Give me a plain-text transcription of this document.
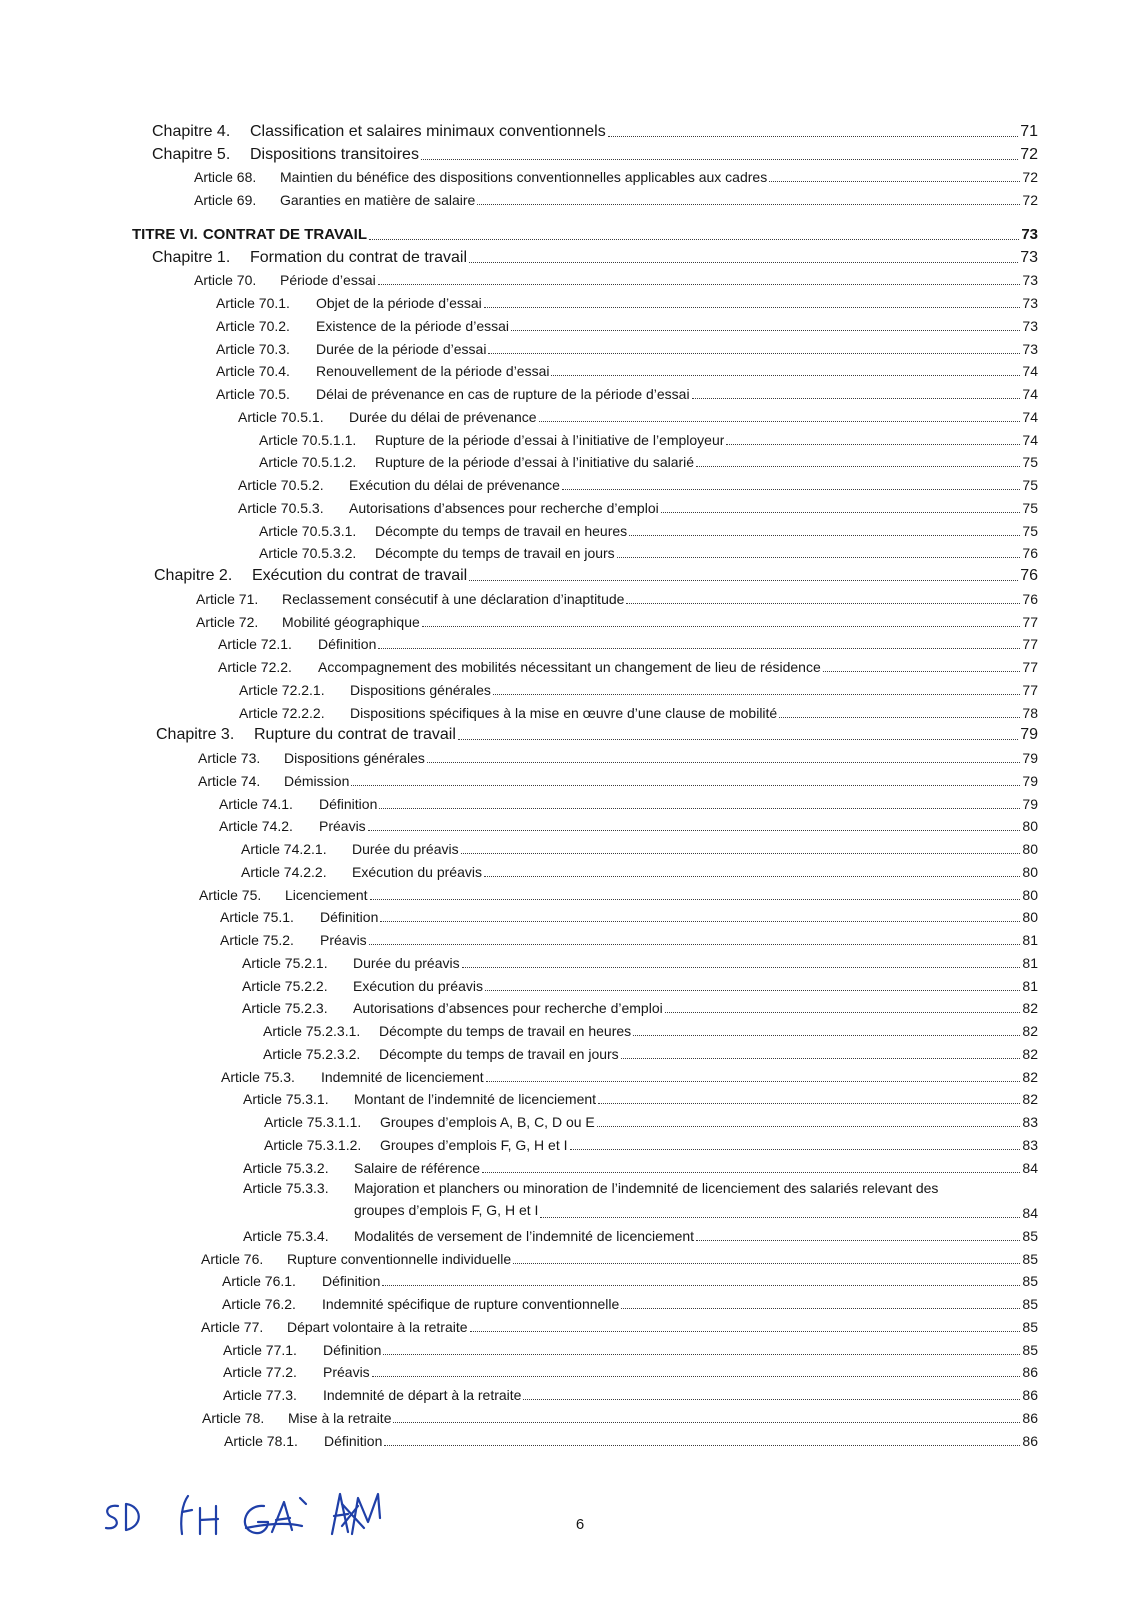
Chapitre 4.	Classification et salaires minimaux conventionnels	71
Chapitre 5.	Dispositions transitoires	72
Article 68.	Maintien du bénéfice des dispositions conventionnelles applicables aux cadres	72
Article 69.	Garanties en matière de salaire	72
TITRE VI. CONTRAT DE TRAVAIL	73
Chapitre 1.	Formation du contrat de travail	73
Article 70.	Période d’essai	73
Article 70.1.	Objet de la période d’essai	73
Article 70.2.	Existence de la période d’essai	73
Article 70.3.	Durée de la période d’essai	73
Article 70.4.	Renouvellement de la période d’essai	74
Article 70.5.	Délai de prévenance en cas de rupture de la période d’essai	74
Article 70.5.1.	Durée du délai de prévenance	74
Article 70.5.1.1.	Rupture de la période d’essai à l’initiative de l’employeur	74
Article 70.5.1.2.	Rupture de la période d’essai à l’initiative du salarié	75
Article 70.5.2.	Exécution du délai de prévenance	75
Article 70.5.3.	Autorisations d’absences pour recherche d’emploi	75
Article 70.5.3.1.	Décompte du temps de travail en heures	75
Article 70.5.3.2.	Décompte du temps de travail en jours	76
Chapitre 2.	Exécution du contrat de travail	76
Article 71.	Reclassement consécutif à une déclaration d’inaptitude	76
Article 72.	Mobilité géographique	77
Article 72.1.	Définition	77
Article 72.2.	Accompagnement des mobilités nécessitant un changement de lieu de résidence	77
Article 72.2.1.	Dispositions générales	77
Article 72.2.2.	Dispositions spécifiques à la mise en œuvre d’une clause de mobilité	78
Chapitre 3.	Rupture du contrat de travail	79
Article 73.	Dispositions générales	79
Article 74.	Démission	79
Article 74.1.	Définition	79
Article 74.2.	Préavis	80
Article 74.2.1.	Durée du préavis	80
Article 74.2.2.	Exécution du préavis	80
Article 75.	Licenciement	80
Article 75.1.	Définition	80
Article 75.2.	Préavis	81
Article 75.2.1.	Durée du préavis	81
Article 75.2.2.	Exécution du préavis	81
Article 75.2.3.	Autorisations d’absences pour recherche d’emploi	82
Article 75.2.3.1.	Décompte du temps de travail en heures	82
Article 75.2.3.2.	Décompte du temps de travail en jours	82
Article 75.3.	Indemnité de licenciement	82
Article 75.3.1.	Montant de l’indemnité de licenciement	82
Article 75.3.1.1.	Groupes d’emplois A, B, C, D ou E	83
Article 75.3.1.2.	Groupes d’emplois F, G, H et I	83
Article 75.3.2.	Salaire de référence	84
Article 75.3.3.	Majoration et planchers ou minoration de l’indemnité de licenciement des salariés relevant des
groupes d’emplois F, G, H et I	84
Article 75.3.4.	Modalités de versement de l’indemnité de licenciement	85
Article 76.	Rupture conventionnelle individuelle	85
Article 76.1.	Définition	85
Article 76.2.	Indemnité spécifique de rupture conventionnelle	85
Article 77.	Départ volontaire à la retraite	85
Article 77.1.	Définition	85
Article 77.2.	Préavis	86
Article 77.3.	Indemnité de départ à la retraite	86
Article 78.	Mise à la retraite	86
Article 78.1.	Définition	86
6
